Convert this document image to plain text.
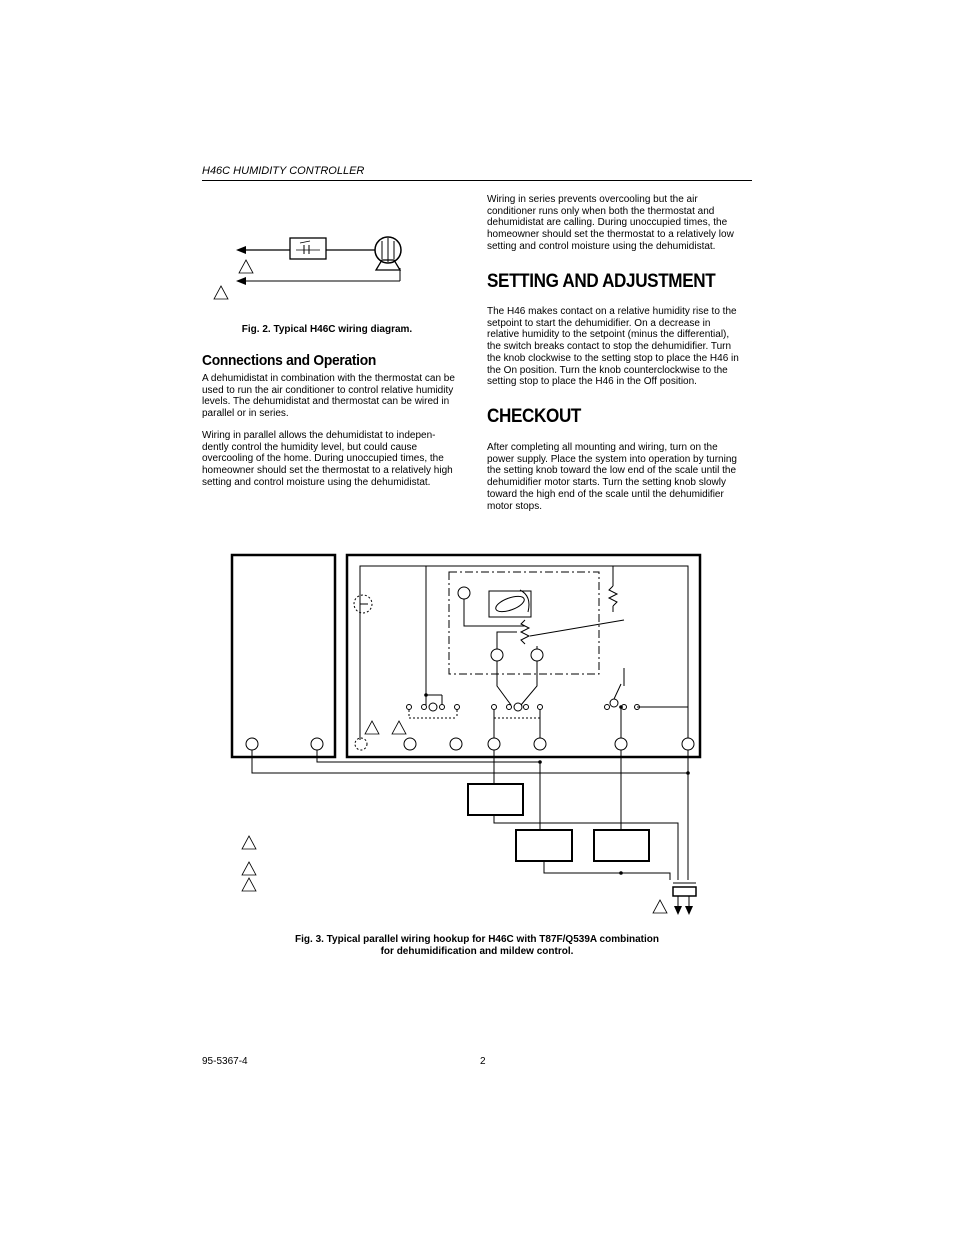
H46C HUMIDITY CONTROLLER
Fig. 2. Typical H46C wiring diagram.
Connections and Operation
A dehumidistat in combination with the thermostat can be
used to run the air conditioner to control relative humidity
levels. The dehumidistat and thermostat can be wired in
parallel or in series.
Wiring in parallel allows the dehumidistat to indepen-
dently control the humidity level, but could cause
overcooling of the home. During unoccupied times, the
homeowner should set the thermostat to a relatively high
setting and control moisture using the dehumidistat.
Wiring in series prevents overcooling but the air
conditioner runs only when both the thermostat and
dehumidistat are calling. During unoccupied times, the
homeowner should set the thermostat to a relatively low
setting and control moisture using the dehumidistat.
SETTING AND ADJUSTMENT
The H46 makes contact on a relative humidity rise to the
setpoint to start the dehumidifier. On a decrease in
relative humidity to the setpoint (minus the differential),
the switch breaks contact to stop the dehumidifier. Turn
the knob clockwise to the setting stop to place the H46 in
the On position. Turn the knob counterclockwise to the
setting stop to place the H46 in the Off position.
CHECKOUT
After completing all mounting and wiring, turn on the
power supply. Place the system into operation by turning
the setting knob toward the low end of the scale until the
dehumidifier motor starts. Turn the setting knob slowly
toward the high end of the scale until the dehumidifier
motor stops.
Fig. 3. Typical parallel wiring hookup for H46C with T87F/Q539A combination
for dehumidification and mildew control.
95-5367-4	2
